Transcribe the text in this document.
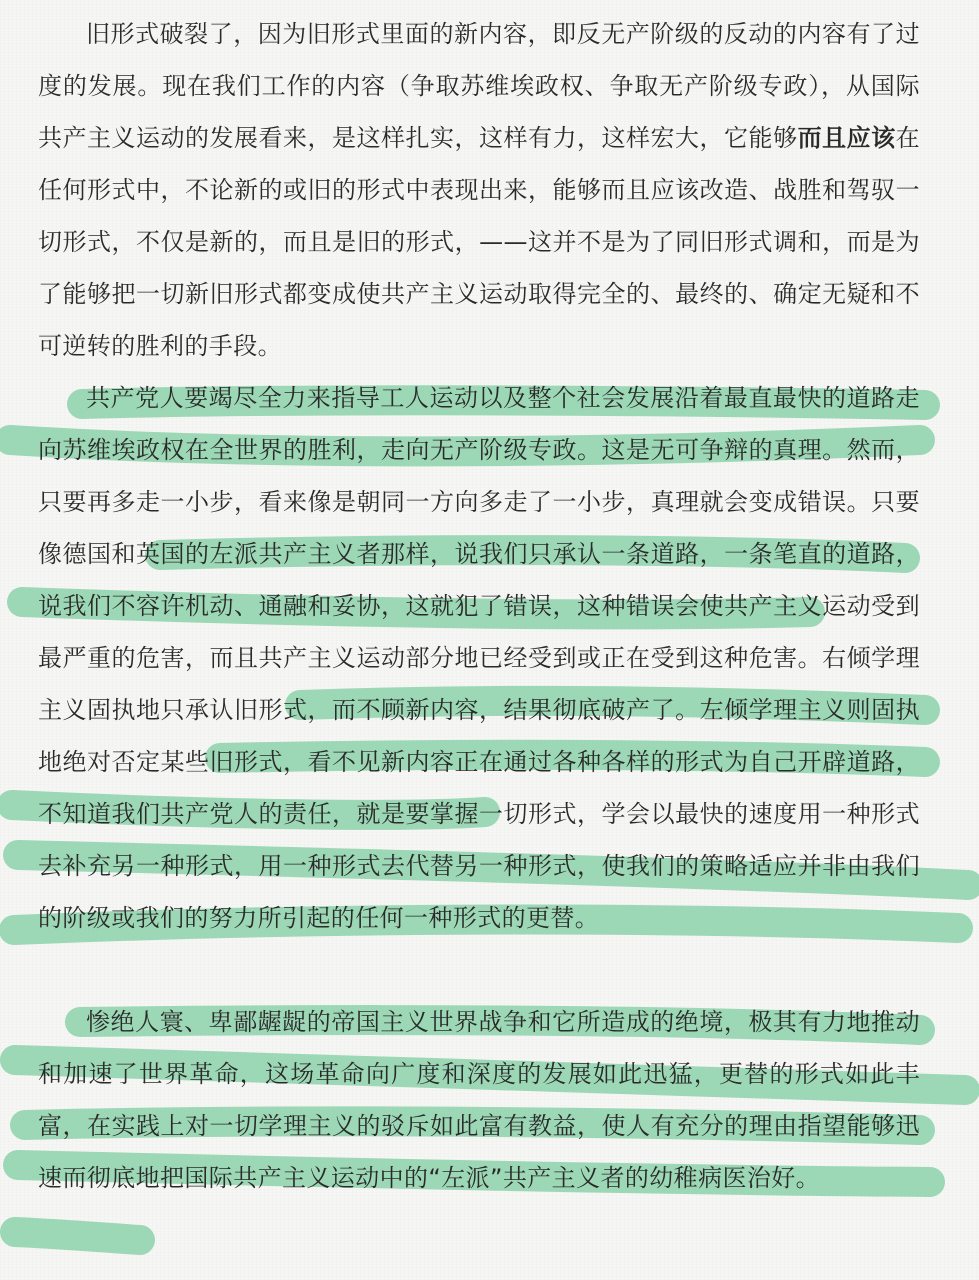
旧形式破裂了，因为旧形式里面的新内容，即反无产阶级的反动的内容有了过度的发展。现在我们工作的内容（争取苏维埃政权、争取无产阶级专政），从国际共产主义运动的发展看来，是这样扎实，这样有力，这样宏大，它能够而且应该在任何形式中，不论新的或旧的形式中表现出来，能够而且应该改造、战胜和驾驭一切形式，不仅是新的，而且是旧的形式，——这并不是为了同旧形式调和，而是为了能够把一切新旧形式都变成使共产主义运动取得完全的、最终的、确定无疑和不可逆转的胜利的手段。

共产党人要竭尽全力来指导工人运动以及整个社会发展沿着最直最快的道路走向苏维埃政权在全世界的胜利，走向无产阶级专政。这是无可争辩的真理。然而，只要再多走一小步，看来像是朝同一方向多走了一小步，真理就会变成错误。只要像德国和英国的左派共产主义者那样，说我们只承认一条道路，一条笔直的道路，说我们不容许机动、通融和妥协，这就犯了错误，这种错误会使共产主义运动受到最严重的危害，而且共产主义运动部分地已经受到或正在受到这种危害。右倾学理主义固执地只承认旧形式，而不顾新内容，结果彻底破产了。左倾学理主义则固执地绝对否定某些旧形式，看不见新内容正在通过各种各样的形式为自己开辟道路，不知道我们共产党人的责任，就是要掌握一切形式，学会以最快的速度用一种形式去补充另一种形式，用一种形式去代替另一种形式，使我们的策略适应并非由我们的阶级或我们的努力所引起的任何一种形式的更替。

惨绝人寰、卑鄙龌龊的帝国主义世界战争和它所造成的绝境，极其有力地推动和加速了世界革命，这场革命向广度和深度的发展如此迅猛，更替的形式如此丰富，在实践上对一切学理主义的驳斥如此富有教益，使人有充分的理由指望能够迅速而彻底地把国际共产主义运动中的“左派”共产主义者的幼稚病医治好。
